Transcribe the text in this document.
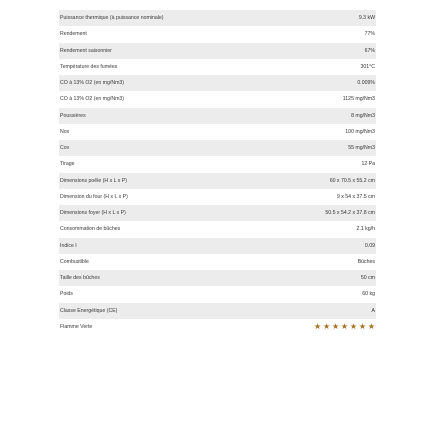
Puissance thermique (à puissance nominale)	9.3 kW
Rendement	77%
Rendement saisonnier	67%
Température des fumées	301°C
CO à 13% O2 (en mg/Nm3)	0.009%
CO à 13% O2 (en mg/Nm3)	1125 mg/Nm3
Poussières	8 mg/Nm3
Nox	100 mg/Nm3
Cov	55 mg/Nm3
Tirage	12 Pa
Dimensions poêle (H x L x P)	60 x 70.5 x 55.2 cm
Dimension du four (H x L x P)	9 x 54 x 37.5 cm
Dimensions foyer (H x L x P)	50.5 x 54.2 x 37.8 cm
Consommation de bûches	2.1 kg/h
Indice I	0.09
Combustible	Bûches
Taille des bûches	50 cm
Poids	60 kg
Classe Energétique (CE)	A
Flamme Verte	★ ★ ★ ★ ★ ★ ★
